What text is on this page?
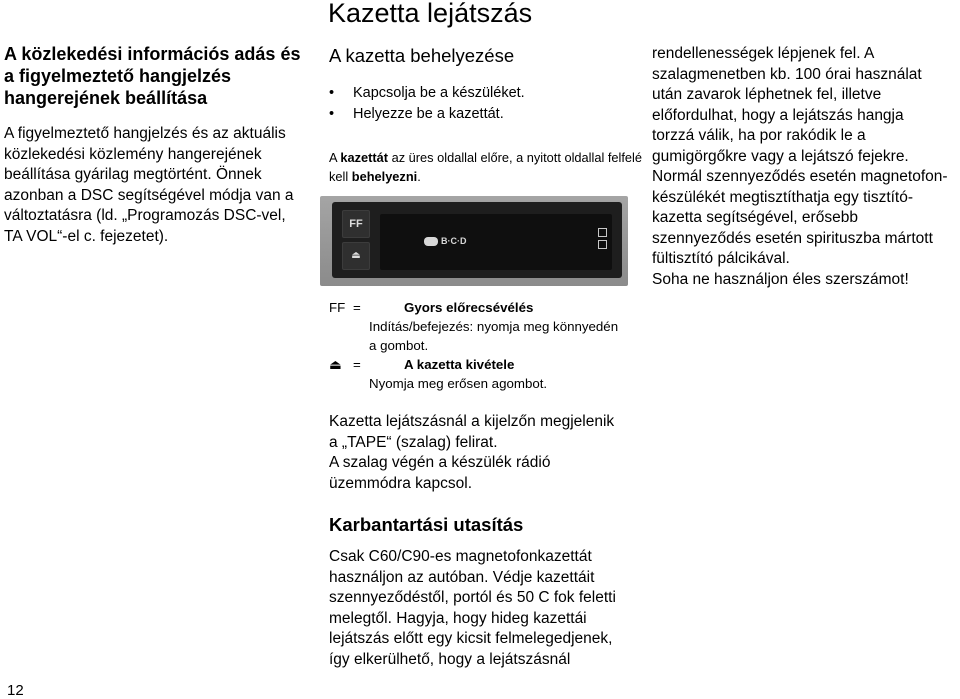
Kazetta lejátszás
A közlekedési információs adás és a figyelmeztető hangjelzés hangerejének beállítása
A figyelmeztető hangjelzés és az aktuális
közlekedési közlemény hangerejének
beállítása gyárilag megtörtént. Önnek
azonban a DSC segítségével módja van a
változtatásra (ld. „Programozás DSC-vel,
TA VOL“-el c. fejezetet).
A kazetta behelyezése
• Kapcsolja be a készüléket.
• Helyezze be a kazettát.
A kazettát az üres oldallal előre, a nyitott oldallal felfelé kell behelyezni.
FF
⏏
B·C·D
FF =	Gyors előrecsévélés
Indítás/befejezés: nyomja meg könnyedén
a gombot.
⏏ =	A kazetta kivétele
Nyomja meg erősen agombot.
Kazetta lejátszásnál a kijelzőn megjelenik
a „TAPE“ (szalag) felirat.
A szalag végén a készülék rádió
üzemmódra kapcsol.
Karbantartási utasítás
Csak C60/C90-es magnetofonkazettát
használjon az autóban. Védje kazettáit
szennyeződéstől, portól és 50 C fok feletti
melegtől. Hagyja, hogy hideg kazettái
lejátszás előtt egy kicsit felmelegedjenek,
így elkerülhető, hogy a lejátszásnál
rendellenességek lépjenek fel. A
szalagmenetben kb. 100 órai használat
után zavarok léphetnek fel, illetve
előfordulhat, hogy a lejátszás hangja
torzzá válik, ha por rakódik le a
gumigörgőkre vagy a lejátszó fejekre.
Normál szennyeződés esetén magnetofon-
készülékét megtisztíthatja egy tisztító-
kazetta segítségével, erősebb
szennyeződés esetén spirituszba mártott
fültisztító pálcikával.
Soha ne használjon éles szerszámot!
12
